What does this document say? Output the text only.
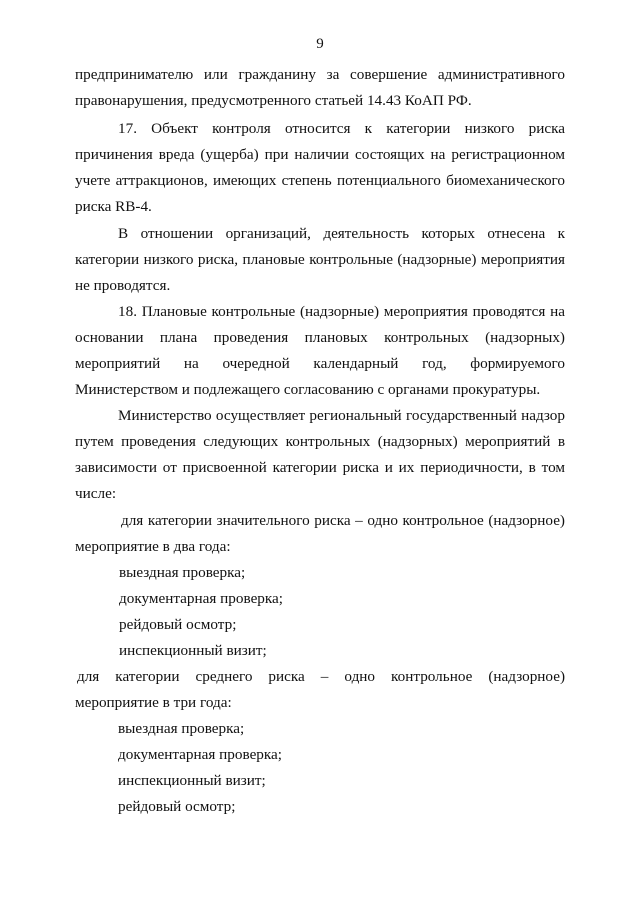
9
предпринимателю или гражданину за совершение административного
правонарушения, предусмотренного статьей 14.43 КоАП РФ.
17. Объект контроля относится к категории низкого риска
причинения вреда (ущерба) при наличии состоящих на регистрационном
учете аттракционов, имеющих степень потенциального биомеханического
риска RB-4.
В отношении организаций, деятельность которых отнесена к
категории низкого риска, плановые контрольные (надзорные) мероприятия
не проводятся.
18. Плановые контрольные (надзорные) мероприятия проводятся на
основании плана проведения плановых контрольных (надзорных)
мероприятий на очередной календарный год, формируемого
Министерством и подлежащего согласованию с органами прокуратуры.
Министерство осуществляет региональный государственный надзор
путем проведения следующих контрольных (надзорных) мероприятий в
зависимости от присвоенной категории риска и их периодичности, в том
числе:
для категории значительного риска – одно контрольное (надзорное)
мероприятие в два года:
выездная проверка;
документарная проверка;
рейдовый осмотр;
инспекционный визит;
для категории среднего риска – одно контрольное (надзорное)
мероприятие в три года:
выездная проверка;
документарная проверка;
инспекционный визит;
рейдовый осмотр;
